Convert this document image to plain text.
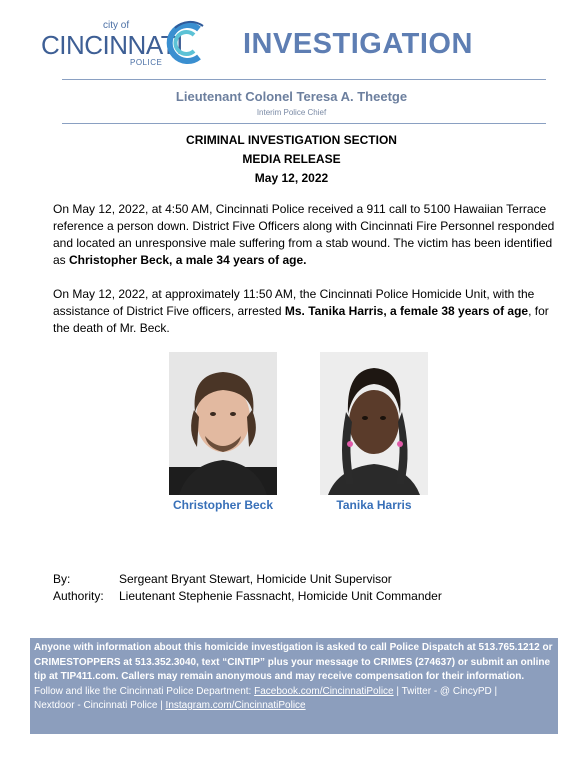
city of
CINCINNATI
POLICE
INVESTIGATION
Lieutenant Colonel Teresa A. Theetge
Interim Police Chief
CRIMINAL INVESTIGATION SECTION
MEDIA RELEASE
May 12, 2022
On May 12, 2022, at 4:50 AM, Cincinnati Police received a 911 call to 5100 Hawaiian Terrace reference a person down. District Five Officers along with Cincinnati Fire Personnel responded and located an unresponsive male suffering from a stab wound. The victim has been identified as Christopher Beck, a male 34 years of age.
On May 12, 2022, at approximately 11:50 AM, the Cincinnati Police Homicide Unit, with the assistance of District Five officers, arrested Ms. Tanika Harris, a female 38 years of age, for the death of Mr. Beck.
Christopher Beck	Tanika Harris
By:	Sergeant Bryant Stewart, Homicide Unit Supervisor
Authority: Lieutenant Stephenie Fassnacht, Homicide Unit Commander
Anyone with information about this homicide investigation is asked to call Police Dispatch at 513.765.1212 or CRIMESTOPPERS at 513.352.3040, text “CINTIP” plus your message to CRIMES (274637) or submit an online tip at TIP411.com. Callers may remain anonymous and may receive compensation for their information.
Follow and like the Cincinnati Police Department: Facebook.com/CincinnatiPolice | Twitter - @ CincyPD |
Nextdoor - Cincinnati Police | Instagram.com/CincinnatiPolice
